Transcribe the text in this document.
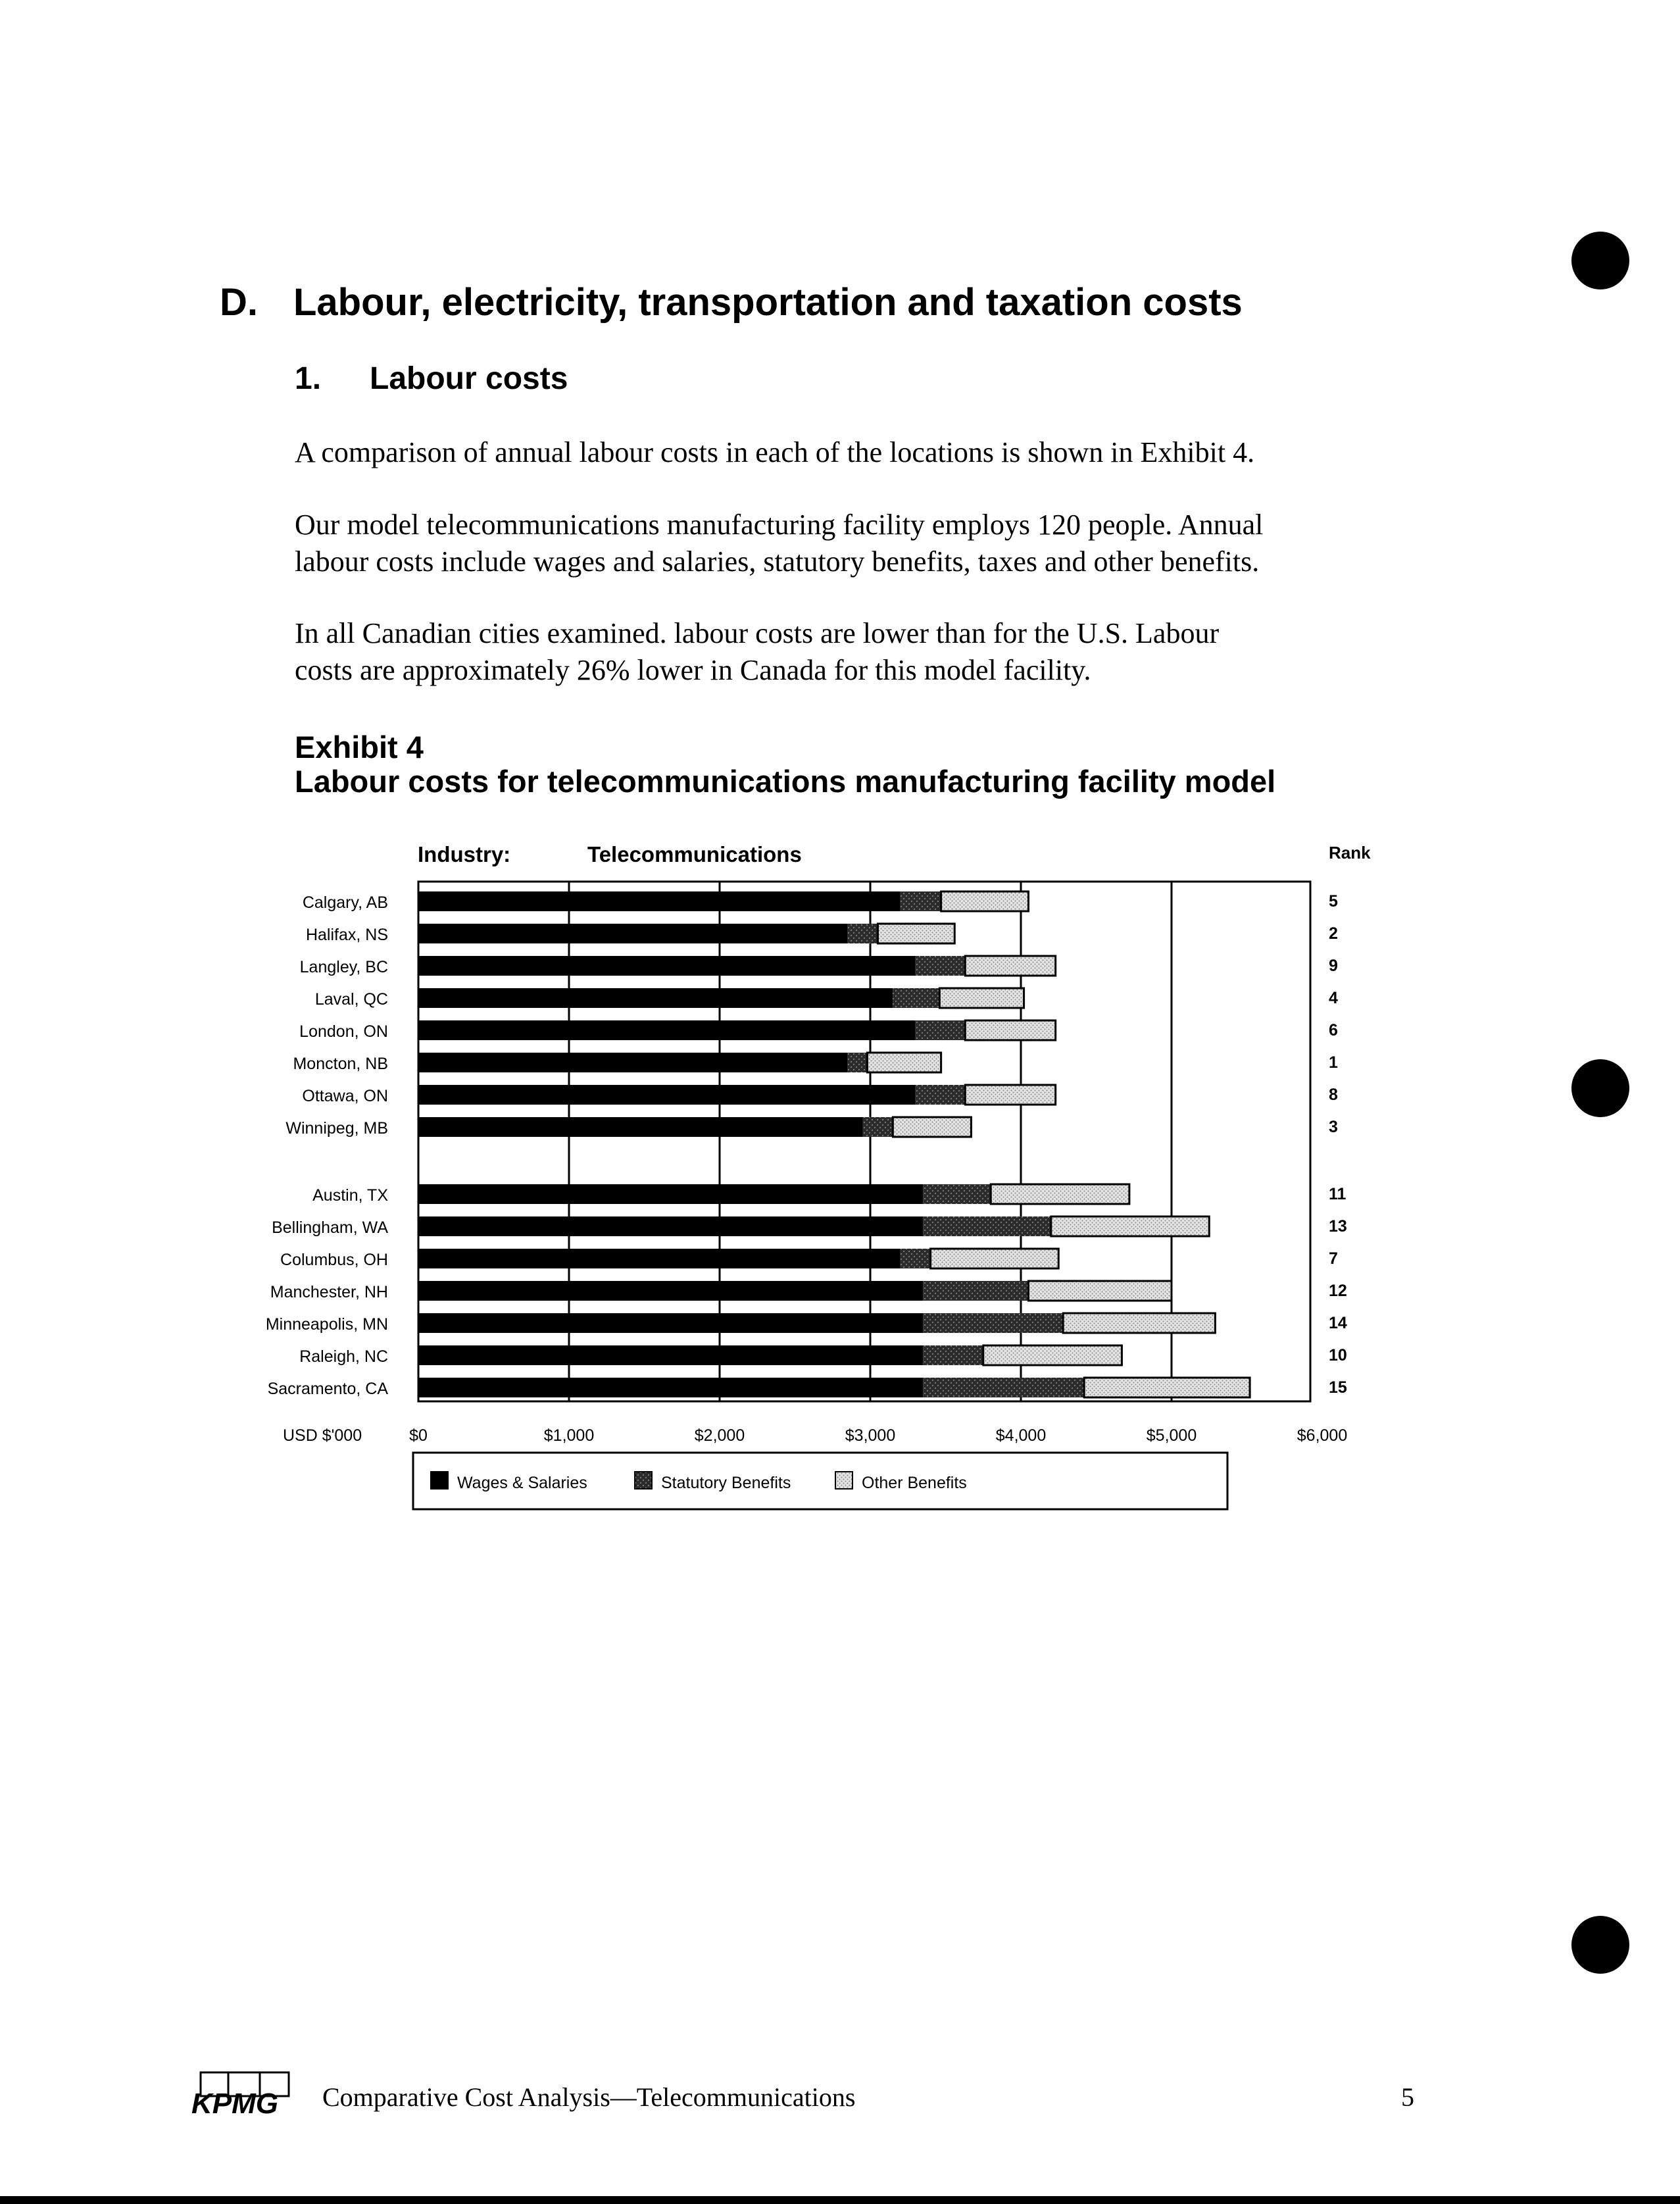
D. Labour, electricity, transportation and taxation costs
1. Labour costs

A comparison of annual labour costs in each of the locations is shown in Exhibit 4.

Our model telecommunications manufacturing facility employs 120 people. Annual
labour costs include wages and salaries, statutory benefits, taxes and other benefits.

In all Canadian cities examined. labour costs are lower than for the U.S. Labour
costs are approximately 26% lower in Canada for this model facility.

Exhibit 4
Labour costs for telecommunications manufacturing facility model
Industry:	Telecommunications	Rank
Calgary, AB	5
Halifax, NS	2
Langley, BC	9
Laval, QC	4
London, ON	6
Moncton, NB	1
Ottawa, ON	8
Winnipeg, MB	3
Austin, TX	11
Bellingham, WA	13
Columbus, OH	7
Manchester, NH	12
Minneapolis, MN	14
Raleigh, NC	10
Sacramento, CA	15
USD $'000	$0	$1,000	$2,000	$3,000	$4,000	$5,000	$6,000
Wages & Salaries	Statutory Benefits	Other Benefits
KPMG Comparative Cost Analysis—Telecommunications	5
